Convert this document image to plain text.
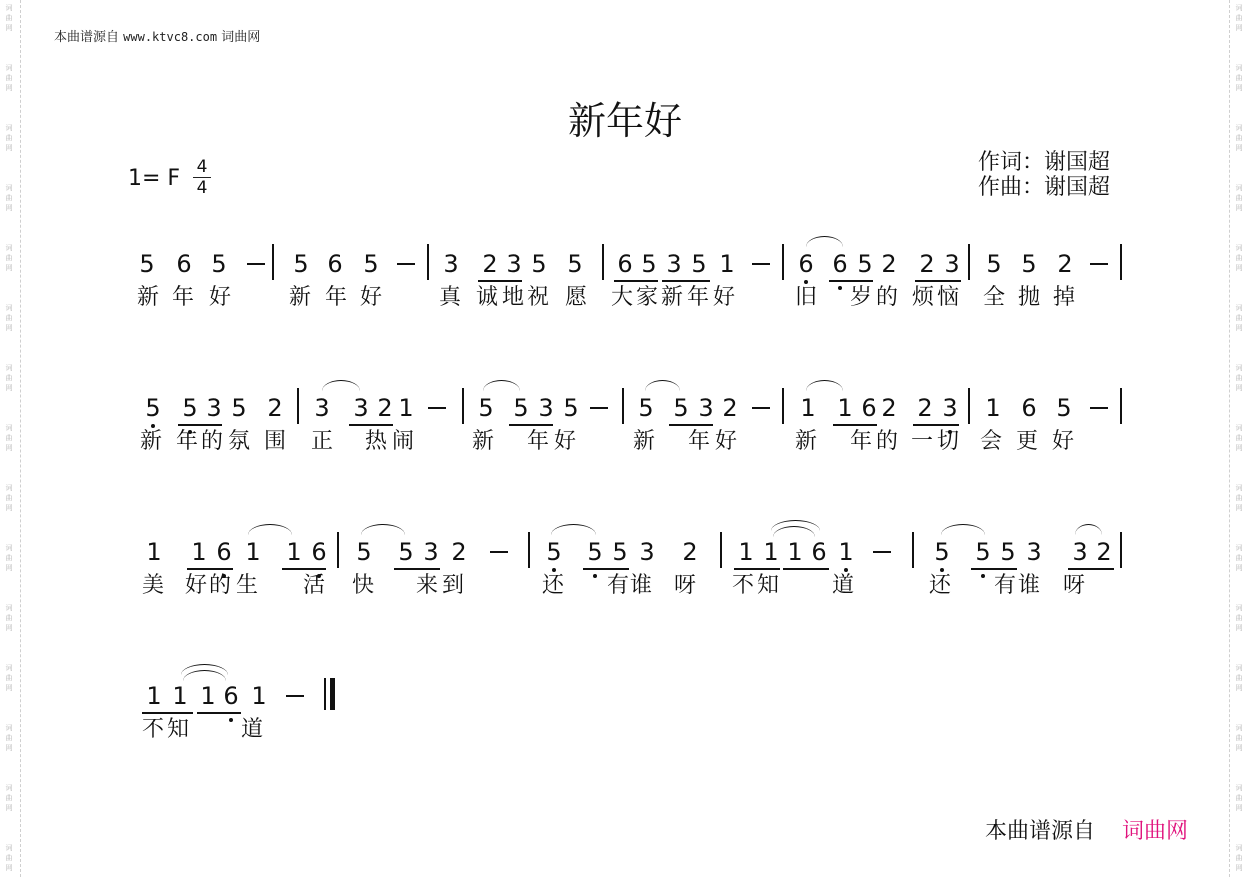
词
曲
网
词
曲
网
词
曲
网
词
曲
网
词
曲
网
词
曲
网
词
曲
网
词
曲
网
词
曲
网
词
曲
网
词
曲
网
词
曲
网
词
曲
网
词
曲
网
词
曲
网
词
曲
网
词
曲
网
词
曲
网
词
曲
网
词
曲
网
词
曲
网
词
曲
网
词
曲
网
词
曲
网
词
曲
网
词
曲
网
词
曲
网
词
曲
网
词
曲
网
词
曲
网
本曲谱源自 www.ktvc8.com 词曲网
新年好
作词：谢国超
作曲：谢国超
1= F 4
4
5 6 5	5 6 5	3 2 3 5 5 6 5 3 5 1	6 6 5 2 2 3 5 5 2
新 年 好	新 年 好	真 诚 地 祝 愿 大 家 新 年 好	旧 岁 的 烦 恼 全 抛 掉
5 5 3 5 2 3 3 2 1	5 5 3 5 5 5 3 2	1 1 6 2 2 3 1 6 5
新 年 的 氛 围 正 热 闹	新 年 好	新 年 好	新 年 的 一 切 会 更 好
1 1 6 1 1 6 5 5 3 2	5 5 5 3 2 1 1 1 6 1	5 5 5 3 3 2
美 好 的 生 活 快 来 到	还 有 谁 呀 不 知 道	还 有 谁 呀
1 1 1 6 1
不 知 道
本曲谱源自 词曲网
